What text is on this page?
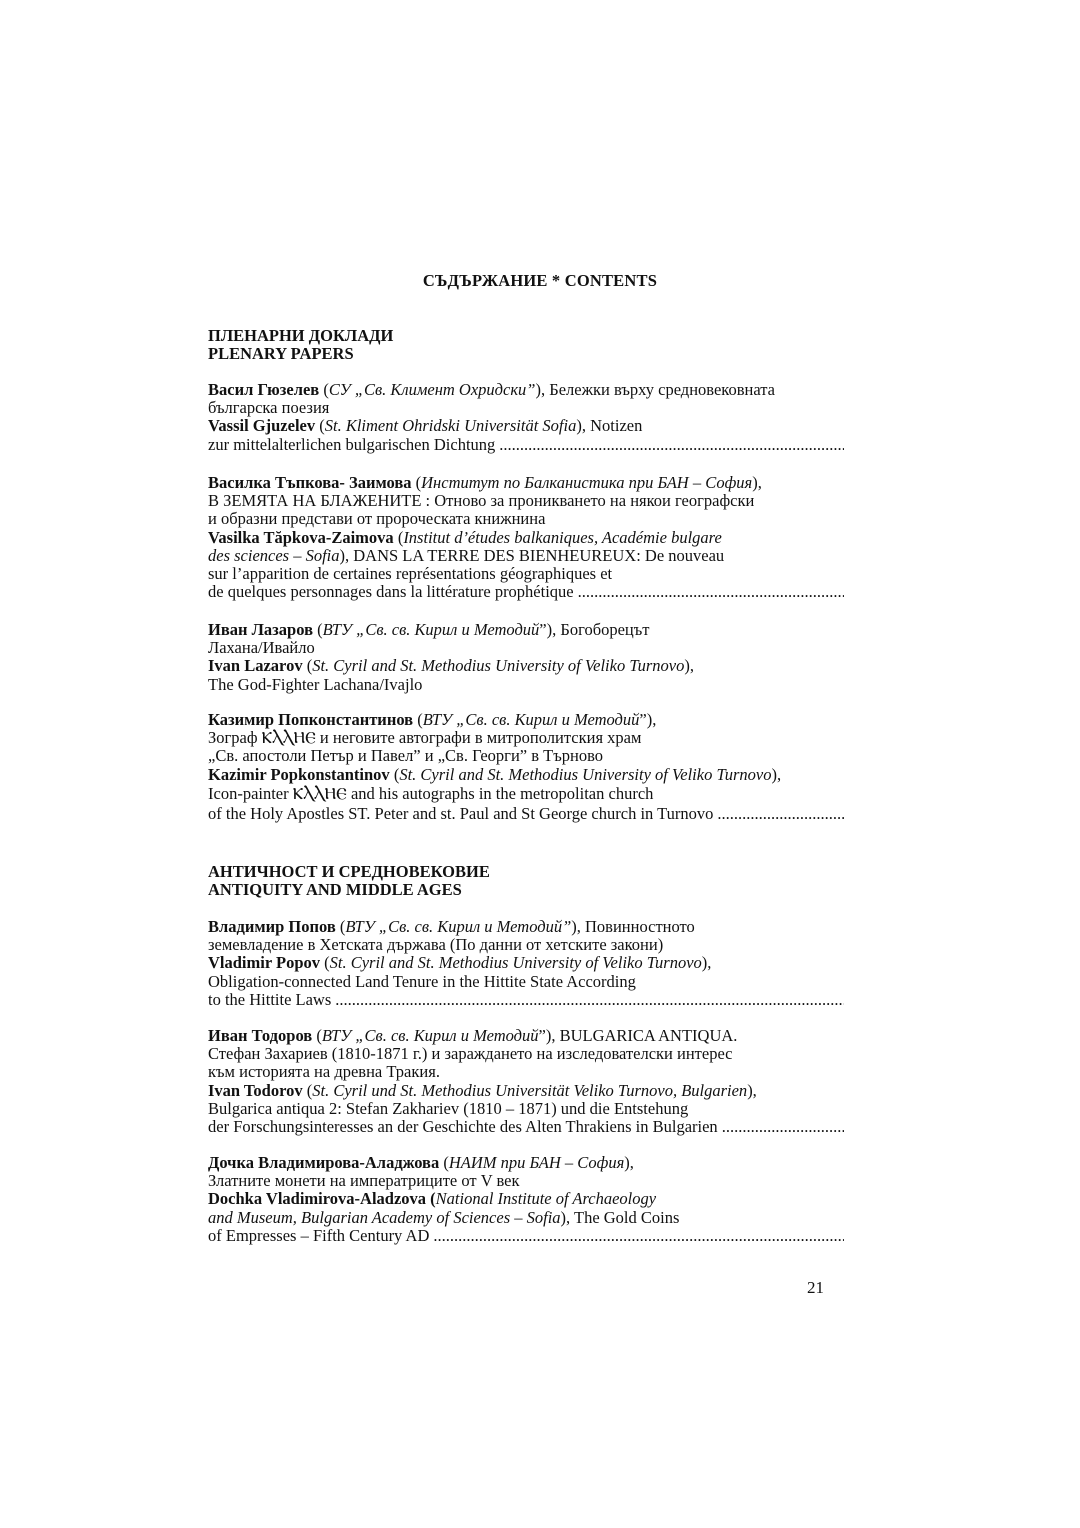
СЪДЪРЖАНИЕ * CONTENTS
ПЛЕНАРНИ ДОКЛАДИ
PLENARY PAPERS
Васил Гюзелев (СУ „Св. Климент Охридски”), Бележки върху средновековната
българска поезия
Vassil Gjuzelev (St. Kliment Ohridski Universität Sofia), Notizen
zur mittelalterlichen bulgarischen Dichtung
.....
Василка Тъпкова- Заимова (Институт по Балканистика при БАН – София),
В ЗЕМЯТА НА БЛАЖЕНИТЕ : Отново за проникването на някои географски
и образни представи от пророческата книжнина
Vasilka Tăpkova-Zaimova (Institut d’études balkaniques, Académie bulgare
des sciences – Sofia), DANS LA TERRE DES BIENHEUREUX: De nouveau
sur l’apparition de certaines représentations géographiques et
de quelques personnages dans la littérature prophétique
.....
Иван Лазаров (ВТУ „Св. св. Кирил и Методий”), Богоборецът
Лахана/Ивайло
Ivan Lazarov (St. Cyril and St. Methodius University of Veliko Turnovo),
The God-Fighter Lachana/Ivajlo
Казимир Попконстантинов (ВТУ „Св. св. Кирил и Методий”),
Зограф ⲔⲖⲖⲎⲈ и неговите автографи в митрополитския храм
„Св. апостоли Петър и Павел” и „Св. Георги” в Търново
Kazimir Popkonstantinov (St. Cyril and St. Methodius University of Veliko Turnovo),
Icon-painter ⲔⲖⲖⲎⲈ and his autographs in the metropolitan church
of the Holy Apostles ST. Peter and st. Paul and St George church in Turnovo
.....
АНТИЧНОСТ И СРЕДНОВЕКОВИЕ
ANTIQUITY AND MIDDLE AGES
Владимир Попов (ВТУ „Св. св. Кирил и Методий”), Повинностното
земевладение в Хетската държава (По данни от хетските закони)
Vladimir Popov (St. Cyril and St. Methodius University of Veliko Turnovo),
Obligation-connected Land Tenure in the Hittite State According
to the Hittite Laws
.....
Иван Тодоров (ВТУ „Св. св. Кирил и Методий”), BULGARICA ANTIQUA.
Стефан Захариев (1810-1871 г.) и зараждането на изследователски интерес
към историята на древна Тракия.
Ivan Todorov (St. Cyril und St. Methodius Universität Veliko Turnovo, Bulgarien),
Bulgarica antiqua 2: Stefan Zakhariev (1810 – 1871) und die Entstehung
der Forschungsinteresses an der Geschichte des Alten Thrakiens in Bulgarien
.....
Дочка Владимирова-Аладжова (НАИМ при БАН – София),
Златните монети на императриците от V век
Dochka Vladimirova-Aladzova (National Institute of Archaeology
and Museum, Bulgarian Academy of Sciences – Sofia), The Gold Coins
of Empresses – Fifth Century AD
.....
21
